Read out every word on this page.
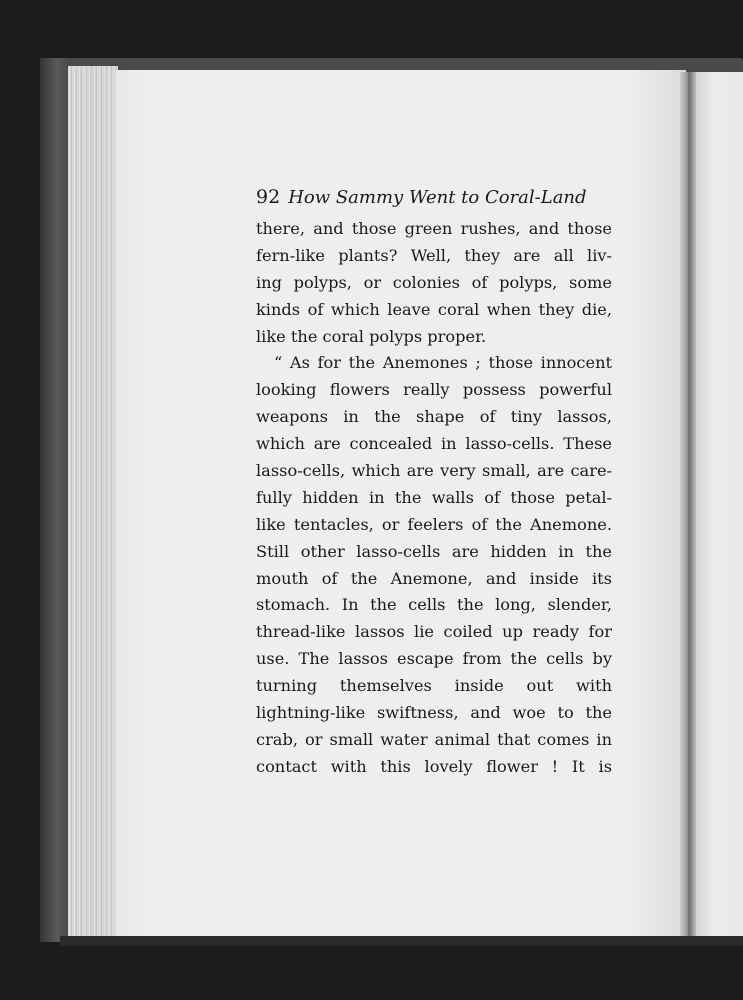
92 How Sammy Went to Coral-Land
there, and those green rushes, and those
fern-like plants? Well, they are all liv-
ing polyps, or colonies of polyps, some
kinds of which leave coral when they die,
like the coral polyps proper.
“ As for the Anemones ; those innocent
looking flowers really possess powerful
weapons in the shape of tiny lassos,
which are concealed in lasso-cells. These
lasso-cells, which are very small, are care-
fully hidden in the walls of those petal-
like tentacles, or feelers of the Anemone.
Still other lasso-cells are hidden in the
mouth of the Anemone, and inside its
stomach. In the cells the long, slender,
thread-like lassos lie coiled up ready for
use. The lassos escape from the cells by
turning themselves inside out with
lightning-like swiftness, and woe to the
crab, or small water animal that comes in
contact with this lovely flower ! It is
